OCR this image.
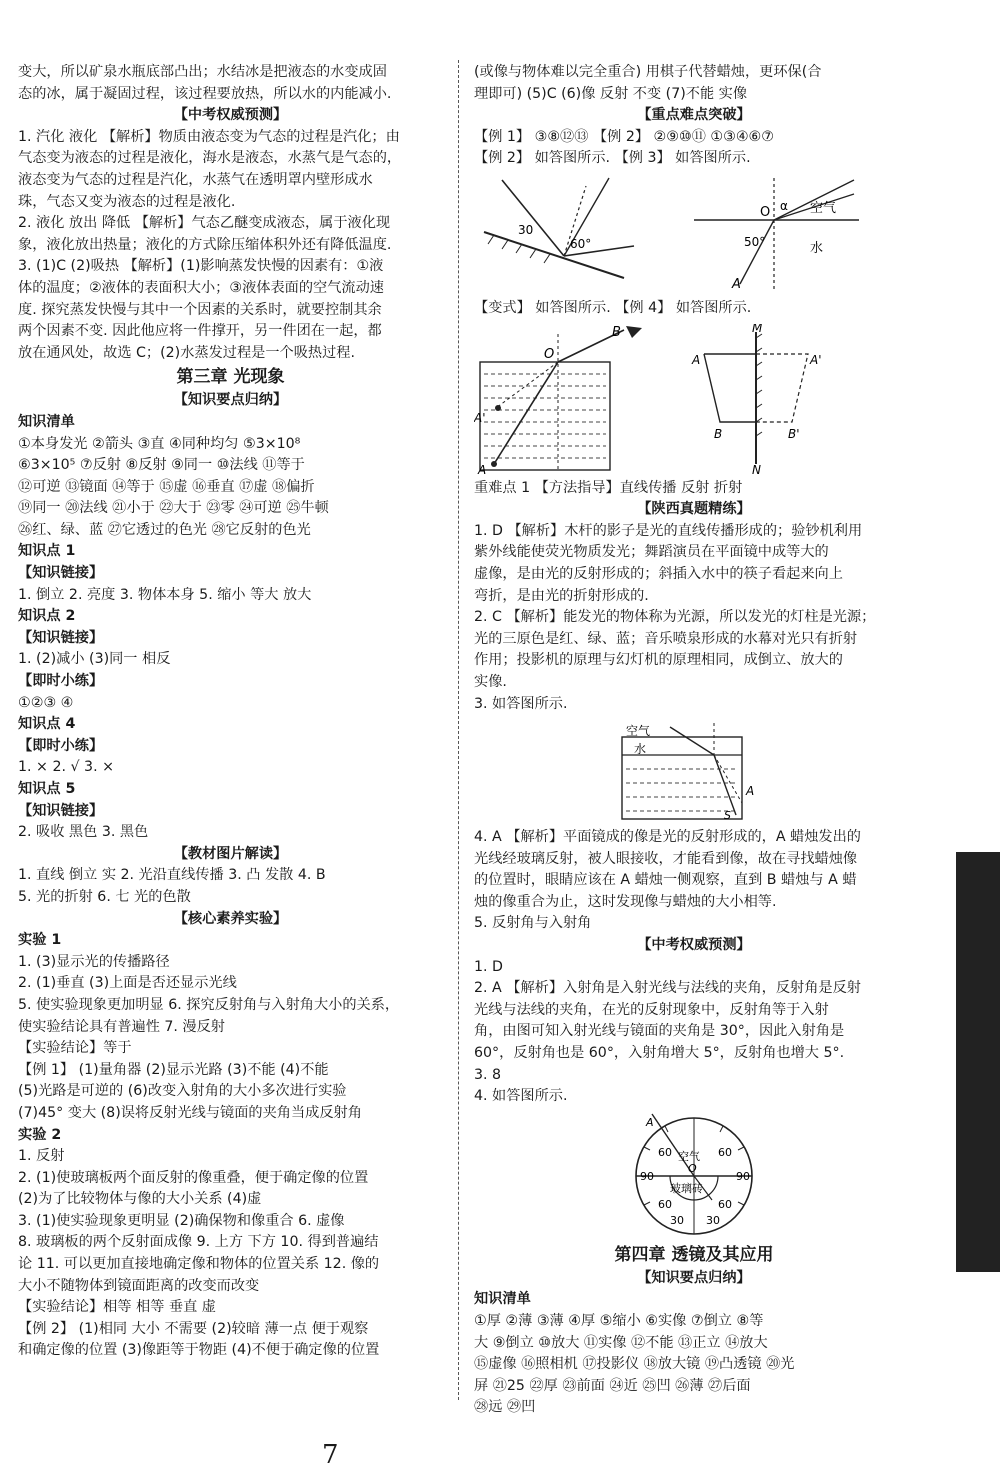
变大，所以矿泉水瓶底部凸出；水结冰是把液态的水变成固
态的冰，属于凝固过程，该过程要放热，所以水的内能减小.
【中考权威预测】
1. 汽化 液化 【解析】物质由液态变为气态的过程是汽化；由
气态变为液态的过程是液化，海水是液态，水蒸气是气态的，
液态变为气态的过程是汽化，水蒸气在透明罩内壁形成水
珠，气态又变为液态的过程是液化.
2. 液化 放出 降低 【解析】气态乙醚变成液态，属于液化现
象，液化放出热量；液化的方式除压缩体积外还有降低温度.
3. (1)C (2)吸热 【解析】(1)影响蒸发快慢的因素有：①液
体的温度；②液体的表面积大小；③液体表面的空气流动速
度. 探究蒸发快慢与其中一个因素的关系时，就要控制其余
两个因素不变. 因此他应将一件撑开，另一件团在一起，都
放在通风处，故选 C；(2)水蒸发过程是一个吸热过程.
第三章 光现象
【知识要点归纳】
知识清单
①本身发光 ②箭头 ③直 ④同种均匀 ⑤3×10⁸
⑥3×10⁵ ⑦反射 ⑧反射 ⑨同一 ⑩法线 ⑪等于
⑫可逆 ⑬镜面 ⑭等于 ⑮虚 ⑯垂直 ⑰虚 ⑱偏折
⑲同一 ⑳法线 ㉑小于 ㉒大于 ㉓零 ㉔可逆 ㉕牛顿
㉖红、绿、蓝 ㉗它透过的色光 ㉘它反射的色光
知识点 1
【知识链接】
1. 倒立 2. 亮度 3. 物体本身 5. 缩小 等大 放大
知识点 2
【知识链接】
1. (2)减小 (3)同一 相反
【即时小练】
①②③ ④
知识点 4
【即时小练】
1. × 2. √ 3. ×
知识点 5
【知识链接】
2. 吸收 黑色 3. 黑色
【教材图片解读】
1. 直线 倒立 实 2. 光沿直线传播 3. 凸 发散 4. B
5. 光的折射 6. 七 光的色散
【核心素养实验】
实验 1
1. (3)显示光的传播路径
2. (1)垂直 (3)上面是否还显示光线
5. 使实验现象更加明显 6. 探究反射角与入射角大小的关系，
使实验结论具有普遍性 7. 漫反射
【实验结论】等于
【例 1】 (1)量角器 (2)显示光路 (3)不能 (4)不能
(5)光路是可逆的 (6)改变入射角的大小多次进行实验
(7)45° 变大 (8)误将反射光线与镜面的夹角当成反射角
实验 2
1. 反射
2. (1)使玻璃板两个面反射的像重叠，便于确定像的位置
(2)为了比较物体与像的大小关系 (4)虚
3. (1)使实验现象更明显 (2)确保物和像重合 6. 虚像
8. 玻璃板的两个反射面成像 9. 上方 下方 10. 得到普遍结
论 11. 可以更加直接地确定像和物体的位置关系 12. 像的
大小不随物体到镜面距离的改变而改变
【实验结论】相等 相等 垂直 虚
【例 2】 (1)相同 大小 不需要 (2)较暗 薄一点 便于观察
和确定像的位置 (3)像距等于物距 (4)不便于确定像的位置
(或像与物体难以完全重合) 用棋子代替蜡烛，更环保(合
理即可) (5)C (6)像 反射 不变 (7)不能 实像
【重点难点突破】
【例 1】 ③⑧⑫⑬ 【例 2】 ②⑨⑩⑪ ①③④⑥⑦
【例 2】 如答图所示. 【例 3】 如答图所示.
30
60°
O α 空气
50°	水
A
【变式】 如答图所示. 【例 4】 如答图所示.
B
O
A'
A
M
A	A'
B	B'
N
重难点 1 【方法指导】直线传播 反射 折射
【陕西真题精练】
1. D 【解析】木杆的影子是光的直线传播形成的；验钞机利用
紫外线能使荧光物质发光；舞蹈演员在平面镜中成等大的
虚像，是由光的反射形成的；斜插入水中的筷子看起来向上
弯折，是由光的折射形成的.
2. C 【解析】能发光的物体称为光源，所以发光的灯柱是光源；
光的三原色是红、绿、蓝；音乐喷泉形成的水幕对光只有折射
作用；投影机的原理与幻灯机的原理相同，成倒立、放大的
实像.
3. 如答图所示.
空气
水
A
S
4. A 【解析】平面镜成的像是光的反射形成的，A 蜡烛发出的
光线经玻璃反射，被人眼接收，才能看到像，故在寻找蜡烛像
的位置时，眼睛应该在 A 蜡烛一侧观察，直到 B 蜡烛与 A 蜡
烛的像重合为止，这时发现像与蜡烛的大小相等.
5. 反射角与入射角
【中考权威预测】
1. D
2. A 【解析】入射角是入射光线与法线的夹角，反射角是反射
光线与法线的夹角，在光的反射现象中，反射角等于入射
角，由图可知入射光线与镜面的夹角是 30°，因此入射角是
60°，反射角也是 60°，入射角增大 5°，反射角也增大 5°.
3. 8
4. 如答图所示.
A
空气
O
玻璃砖
60	60
90	90
60	60
30 30
第四章 透镜及其应用
【知识要点归纳】
知识清单
①厚 ②薄 ③薄 ④厚 ⑤缩小 ⑥实像 ⑦倒立 ⑧等
大 ⑨倒立 ⑩放大 ⑪实像 ⑫不能 ⑬正立 ⑭放大
⑮虚像 ⑯照相机 ⑰投影仪 ⑱放大镜 ⑲凸透镜 ⑳光
屏 ㉑25 ㉒厚 ㉓前面 ㉔近 ㉕凹 ㉖薄 ㉗后面
㉘远 ㉙凹
7
